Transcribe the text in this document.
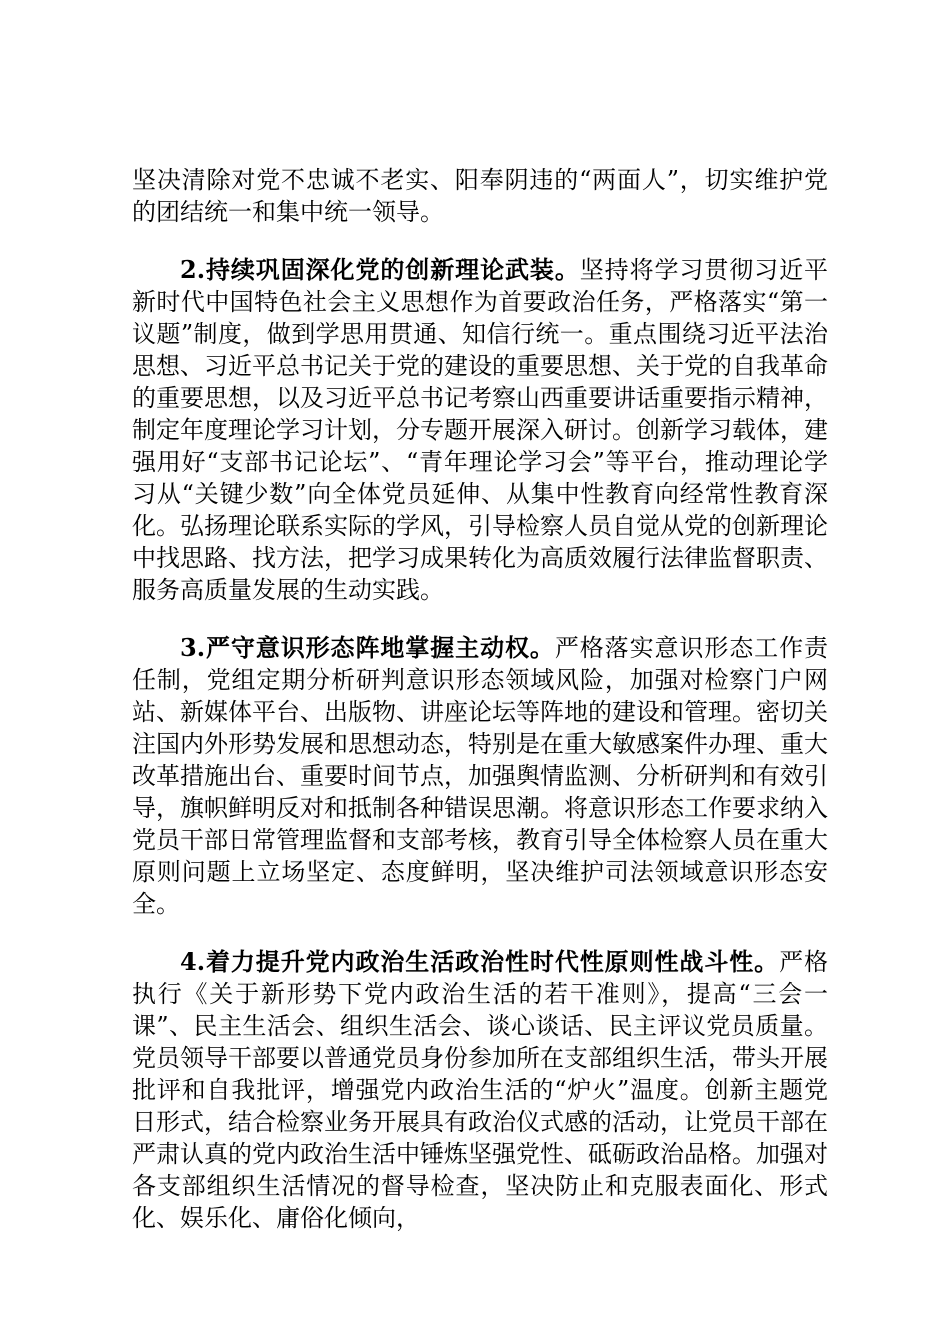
坚决清除对党不忠诚不老实、阳奉阴违的“两面人”，切实维护党的团结统一和集中统一领导。

2.持续巩固深化党的创新理论武装。坚持将学习贯彻习近平新时代中国特色社会主义思想作为首要政治任务，严格落实“第一议题”制度，做到学思用贯通、知信行统一。重点围绕习近平法治思想、习近平总书记关于党的建设的重要思想、关于党的自我革命的重要思想，以及习近平总书记考察山西重要讲话重要指示精神，制定年度理论学习计划，分专题开展深入研讨。创新学习载体，建强用好“支部书记论坛”、“青年理论学习会”等平台，推动理论学习从“关键少数”向全体党员延伸、从集中性教育向经常性教育深化。弘扬理论联系实际的学风，引导检察人员自觉从党的创新理论中找思路、找方法，把学习成果转化为高质效履行法律监督职责、服务高质量发展的生动实践。

3.严守意识形态阵地掌握主动权。严格落实意识形态工作责任制，党组定期分析研判意识形态领域风险，加强对检察门户网站、新媒体平台、出版物、讲座论坛等阵地的建设和管理。密切关注国内外形势发展和思想动态，特别是在重大敏感案件办理、重大改革措施出台、重要时间节点，加强舆情监测、分析研判和有效引导，旗帜鲜明反对和抵制各种错误思潮。将意识形态工作要求纳入党员干部日常管理监督和支部考核，教育引导全体检察人员在重大原则问题上立场坚定、态度鲜明，坚决维护司法领域意识形态安全。

4.着力提升党内政治生活政治性时代性原则性战斗性。严格执行《关于新形势下党内政治生活的若干准则》，提高“三会一课”、民主生活会、组织生活会、谈心谈话、民主评议党员质量。党员领导干部要以普通党员身份参加所在支部组织生活，带头开展批评和自我批评，增强党内政治生活的“炉火”温度。创新主题党日形式，结合检察业务开展具有政治仪式感的活动，让党员干部在严肃认真的党内政治生活中锤炼坚强党性、砥砺政治品格。加强对各支部组织生活情况的督导检查，坚决防止和克服表面化、形式化、娱乐化、庸俗化倾向，
